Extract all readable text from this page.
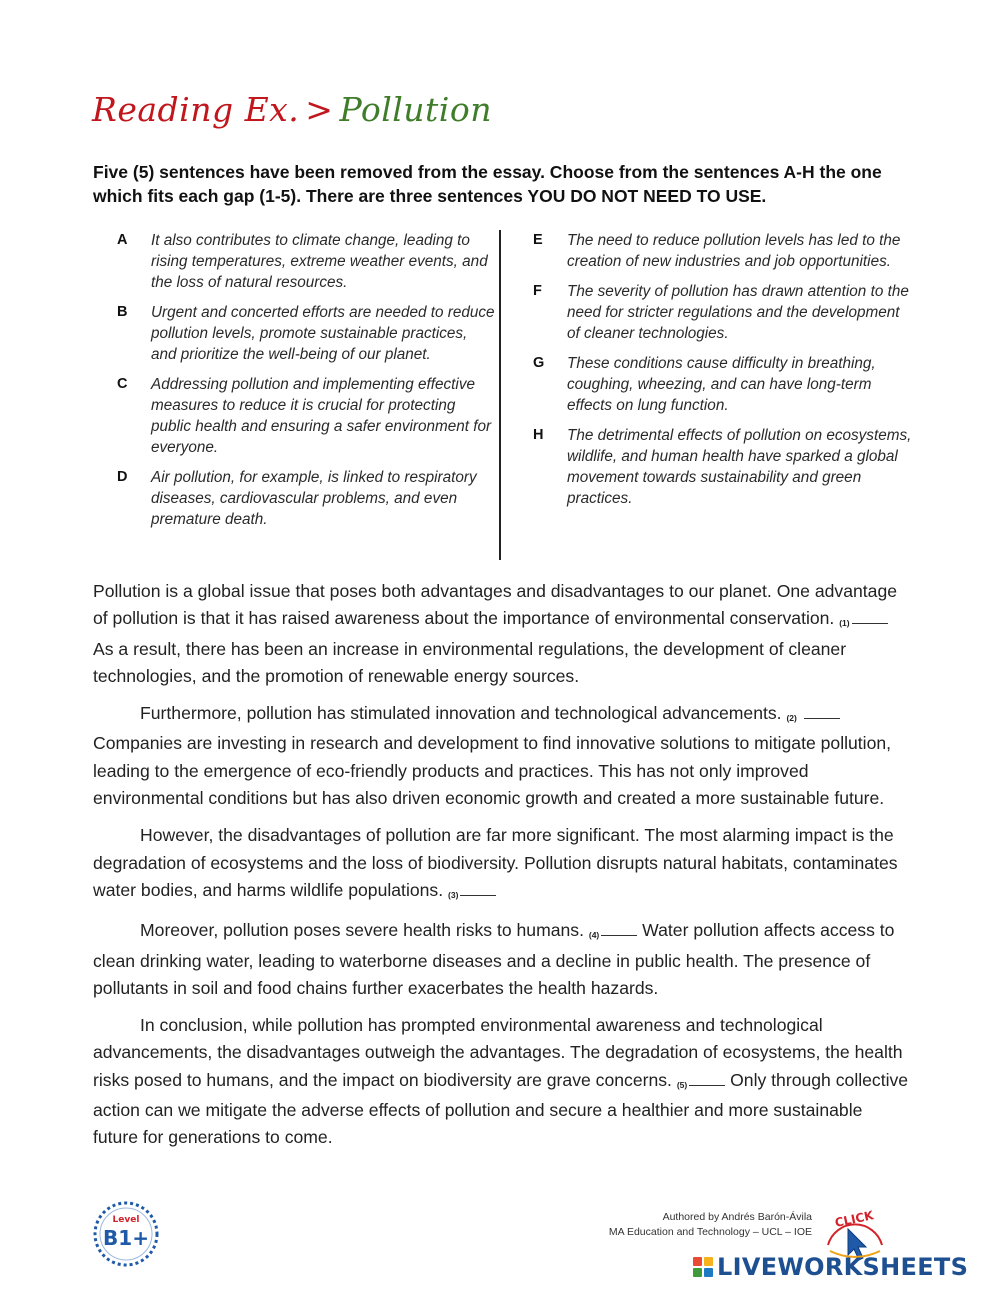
Reading Ex. > Pollution
Five (5) sentences have been removed from the essay. Choose from the sentences A-H the one which fits each gap (1-5). There are three sentences YOU DO NOT NEED TO USE.
A	It also contributes to climate change, leading to rising temperatures, extreme weather events, and the loss of natural resources.
B	Urgent and concerted efforts are needed to reduce pollution levels, promote sustainable practices, and prioritize the well-being of our planet.
C	Addressing pollution and implementing effective measures to reduce it is crucial for protecting public health and ensuring a safer environment for everyone.
D	Air pollution, for example, is linked to respiratory diseases, cardiovascular problems, and even premature death.
E	The need to reduce pollution levels has led to the creation of new industries and job opportunities.
F	The severity of pollution has drawn attention to the need for stricter regulations and the development of cleaner technologies.
G	These conditions cause difficulty in breathing, coughing, wheezing, and can have long-term effects on lung function.
H	The detrimental effects of pollution on ecosystems, wildlife, and human health have sparked a global movement towards sustainability and green practices.

Pollution is a global issue that poses both advantages and disadvantages to our planet. One advantage of pollution is that it has raised awareness about the importance of environmental conservation. (1) As a result, there has been an increase in environmental regulations, the development of cleaner technologies, and the promotion of renewable energy sources.

Furthermore, pollution has stimulated innovation and technological advancements. (2)  Companies are investing in research and development to find innovative solutions to mitigate pollution, leading to the emergence of eco-friendly products and practices. This has not only improved environmental conditions but has also driven economic growth and created a more sustainable future.

However, the disadvantages of pollution are far more significant. The most alarming impact is the degradation of ecosystems and the loss of biodiversity. Pollution disrupts natural habitats, contaminates water bodies, and harms wildlife populations. (3)

Moreover, pollution poses severe health risks to humans. (4) Water pollution affects access to clean drinking water, leading to waterborne diseases and a decline in public health. The presence of pollutants in soil and food chains further exacerbates the health hazards.

In conclusion, while pollution has prompted environmental awareness and technological advancements, the disadvantages outweigh the advantages. The degradation of ecosystems, the health risks posed to humans, and the impact on biodiversity are grave concerns. (5) Only through collective action can we mitigate the adverse effects of pollution and secure a healthier and more sustainable future for generations to come.

Level
B1+
Authored by Andrés Barón-Ávila
MA Education and Technology – UCL – IOE
CLICK
LIVEWORKSHEETS
